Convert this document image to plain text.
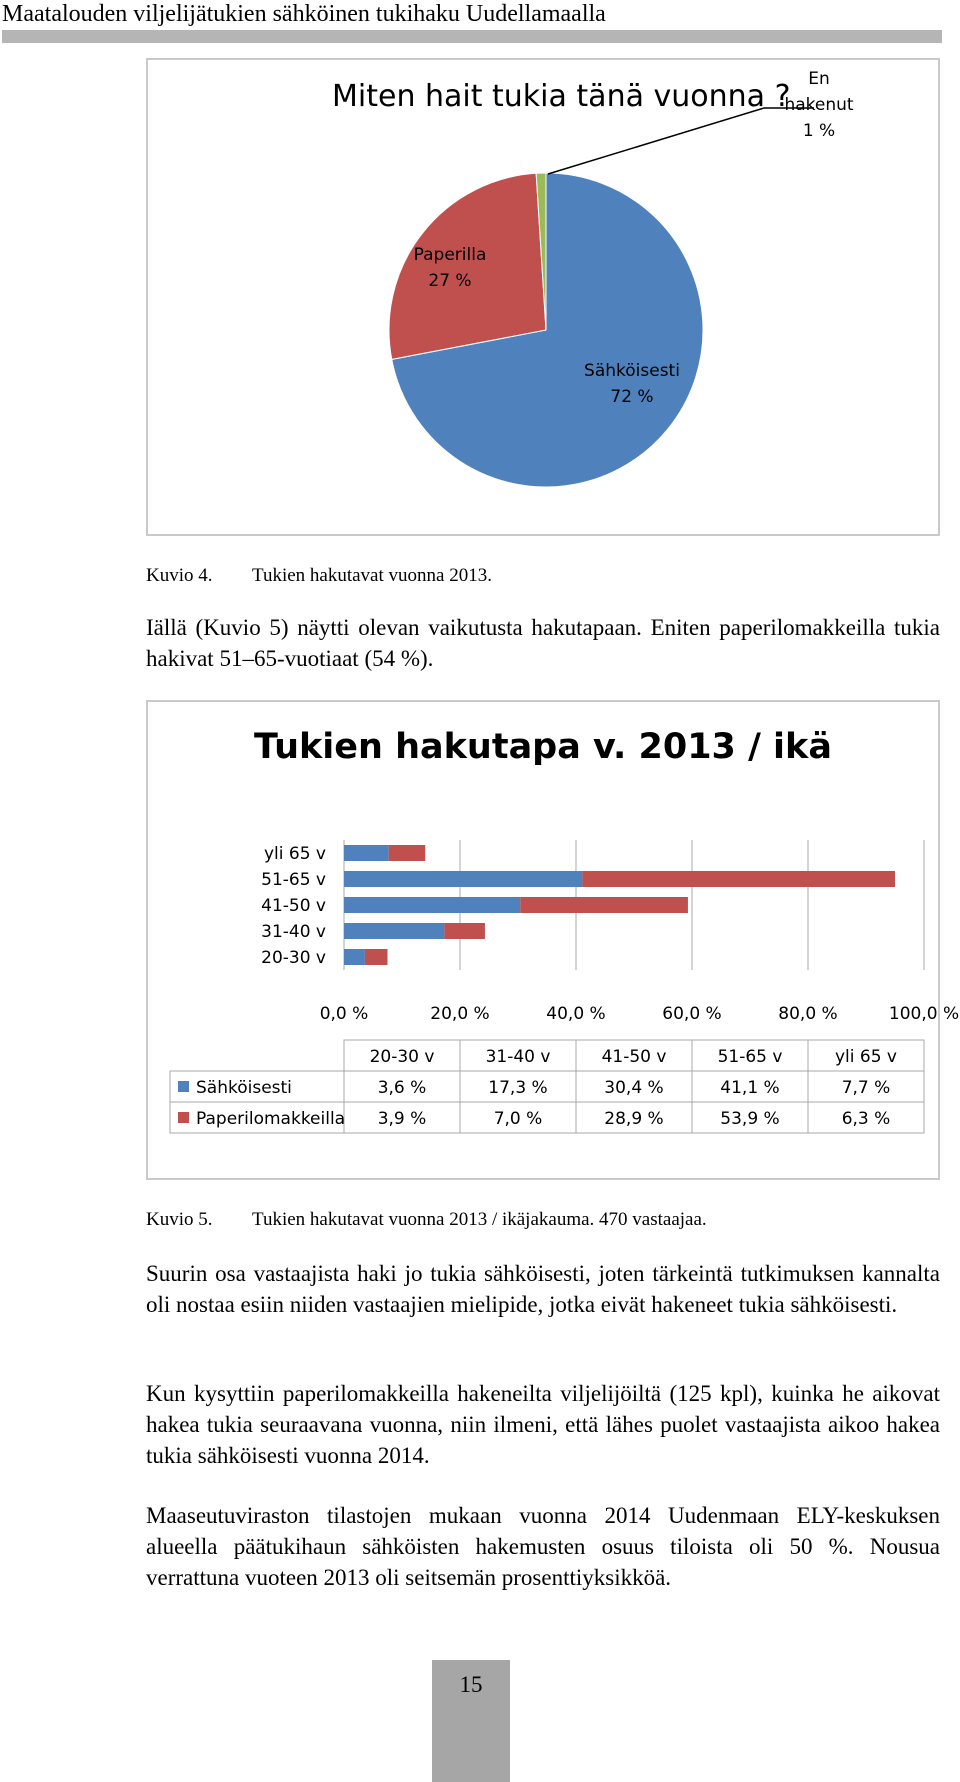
Maatalouden viljelijätukien sähköinen tukihaku Uudellamaalla
Miten hait tukia tänä vuonna ?
Sähköisesti 72 %
Paperilla 27 %
En hakenut 1 %
Kuvio 4. Tukien hakutavat vuonna 2013.
Iällä (Kuvio 5) näytti olevan vaikutusta hakutapaan. Eniten paperilomakkeilla tukia hakivat 51–65-vuotiaat (54 %).
Tukien hakutapa v. 2013 / ikä
20-30 v
31-40 v
41-50 v
51-65 v
yli 65 v
0,0 %	20,0 %	40,0 %	60,0 %	80,0 %	100,0 %
20-30 v	31-40 v	41-50 v	51-65 v	yli 65 v
Sähköisesti	3,6 %	17,3 %	30,4 %	41,1 %	7,7 %
Paperilomakkeilla 3,9 %	7,0 %	28,9 %	53,9 %	6,3 %
Kuvio 5. Tukien hakutavat vuonna 2013 / ikäjakauma. 470 vastaajaa.
Suurin osa vastaajista haki jo tukia sähköisesti, joten tärkeintä tutkimuksen kannalta oli nostaa esiin niiden vastaajien mielipide, jotka eivät hakeneet tukia sähköisesti.
Kun kysyttiin paperilomakkeilla hakeneilta viljelijöiltä (125 kpl), kuinka he aikovat hakea tukia seuraavana vuonna, niin ilmeni, että lähes puolet vastaajista aikoo hakea tukia sähköisesti vuonna 2014.
Maaseutuviraston tilastojen mukaan vuonna 2014 Uudenmaan ELY-keskuksen alueella päätukihaun sähköisten hakemusten osuus tiloista oli 50 %. Nousua verrattuna vuoteen 2013 oli seitsemän prosenttiyksikköä.
15
